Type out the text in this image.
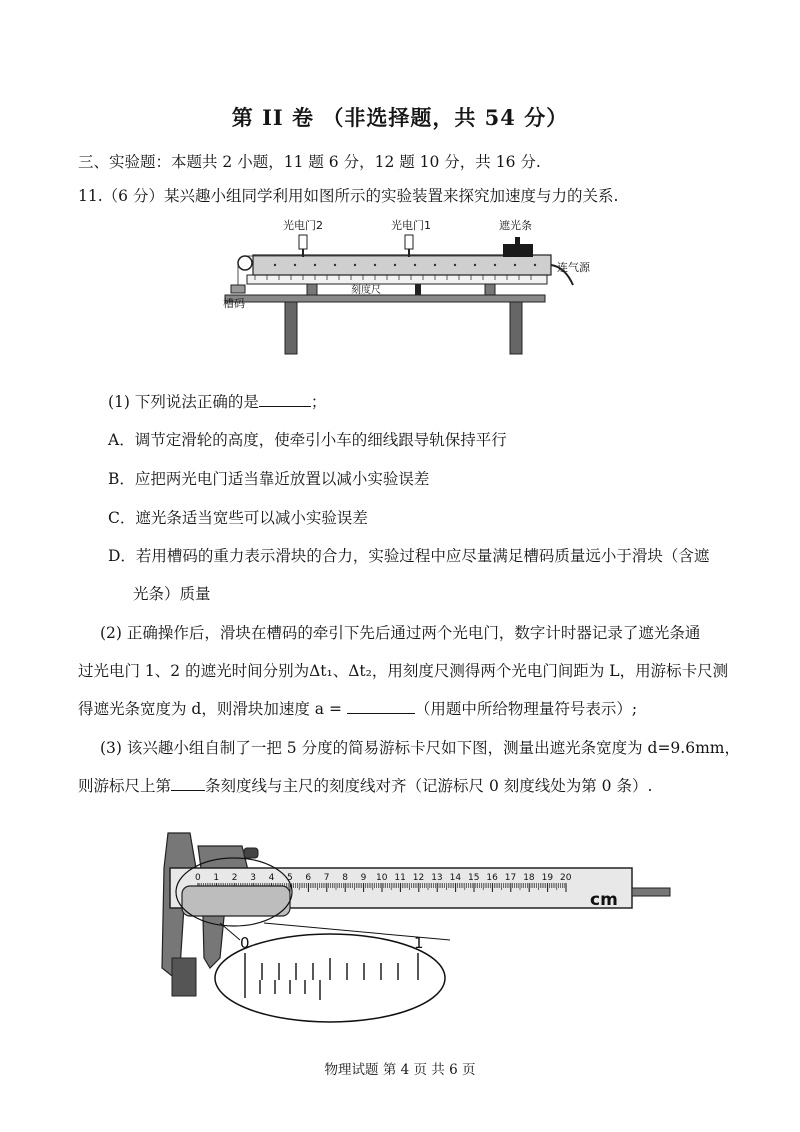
第 II 卷 （非选择题，共 54 分）
三、实验题：本题共 2 小题，11 题 6 分，12 题 10 分，共 16 分.
11.（6 分）某兴趣小组同学利用如图所示的实验装置来探究加速度与力的关系.
光电门2	光电门1	遮光条
连气源
槽码
刻度尺
(1) 下列说法正确的是	；
A．调节定滑轮的高度，使牵引小车的细线跟导轨保持平行
B．应把两光电门适当靠近放置以减小实验误差
C．遮光条适当宽些可以减小实验误差
D．若用槽码的重力表示滑块的合力，实验过程中应尽量满足槽码质量远小于滑块（含遮
光条）质量
(2) 正确操作后，滑块在槽码的牵引下先后通过两个光电门，数字计时器记录了遮光条通
过光电门 1、2 的遮光时间分别为Δt₁、Δt₂，用刻度尺测得两个光电门间距为 L，用游标卡尺测
得遮光条宽度为 d，则滑块加速度 a =	（用题中所给物理量符号表示）;
(3) 该兴趣小组自制了一把 5 分度的简易游标卡尺如下图，测量出遮光条宽度为 d=9.6mm，
则游标尺上第 条刻度线与主尺的刻度线对齐（记游标尺 0 刻度线处为第 0 条）.
0 1 2 3 4 5 6 7 8 9 10 11 12 13 14 15 16 17 18 19 20
cm
0	1
物理试题 第 4 页 共 6 页
